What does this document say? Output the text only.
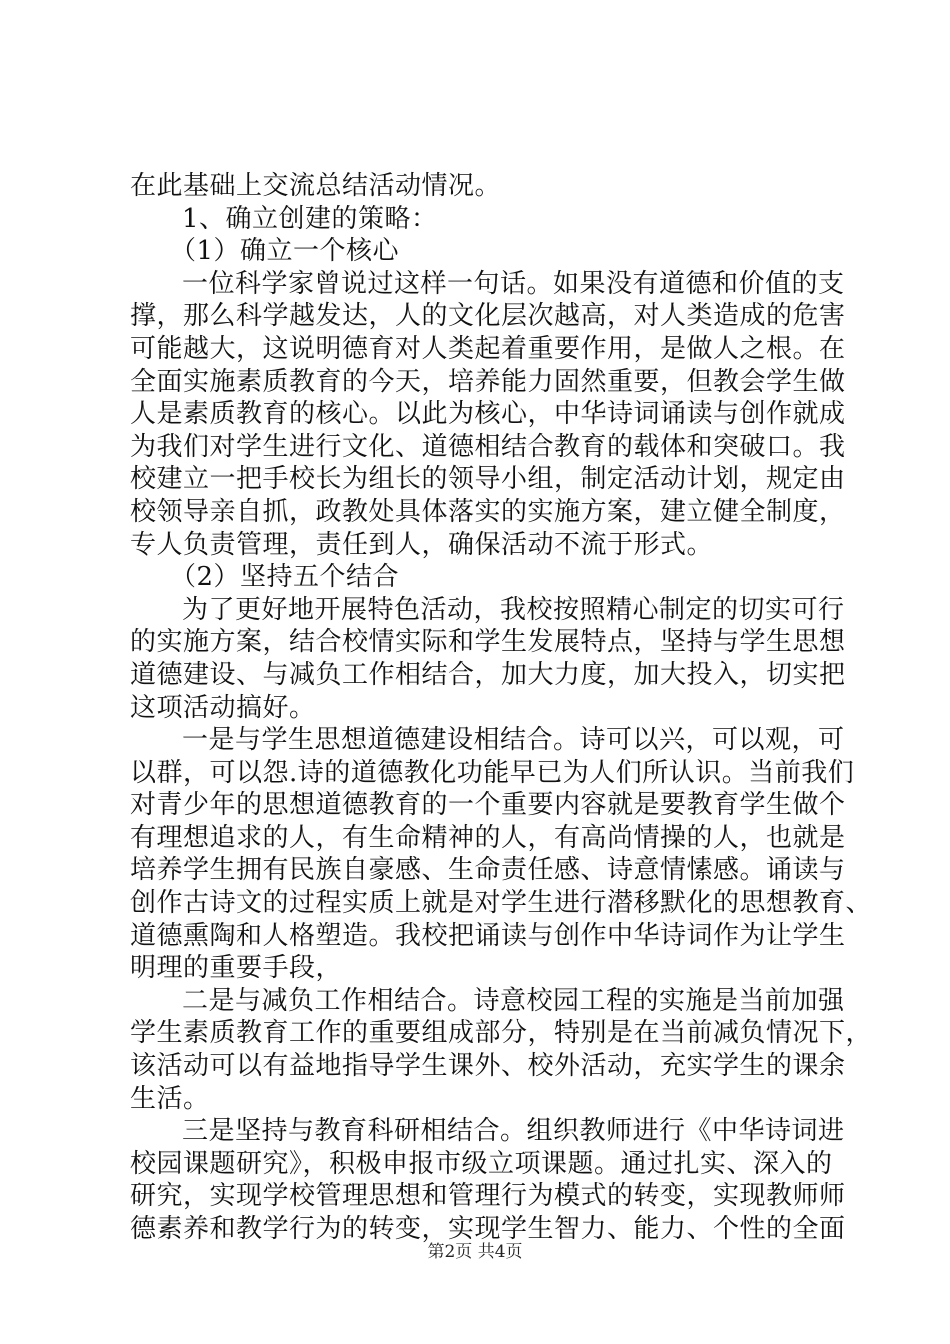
在此基础上交流总结活动情况。
1、确立创建的策略：
（1）确立一个核心
一位科学家曾说过这样一句话。如果没有道德和价值的支
撑，那么科学越发达，人的文化层次越高，对人类造成的危害
可能越大，这说明德育对人类起着重要作用，是做人之根。在
全面实施素质教育的今天，培养能力固然重要，但教会学生做
人是素质教育的核心。以此为核心，中华诗词诵读与创作就成
为我们对学生进行文化、道德相结合教育的载体和突破口。我
校建立一把手校长为组长的领导小组，制定活动计划，规定由
校领导亲自抓，政教处具体落实的实施方案，建立健全制度，
专人负责管理，责任到人，确保活动不流于形式。
（2）坚持五个结合
为了更好地开展特色活动，我校按照精心制定的切实可行
的实施方案，结合校情实际和学生发展特点，坚持与学生思想
道德建设、与减负工作相结合，加大力度，加大投入，切实把
这项活动搞好。
一是与学生思想道德建设相结合。诗可以兴，可以观，可
以群，可以怨.诗的道德教化功能早已为人们所认识。当前我们
对青少年的思想道德教育的一个重要内容就是要教育学生做个
有理想追求的人，有生命精神的人，有高尚情操的人，也就是
培养学生拥有民族自豪感、生命责任感、诗意情愫感。诵读与
创作古诗文的过程实质上就是对学生进行潜移默化的思想教育、
道德熏陶和人格塑造。我校把诵读与创作中华诗词作为让学生
明理的重要手段，
二是与减负工作相结合。诗意校园工程的实施是当前加强
学生素质教育工作的重要组成部分，特别是在当前减负情况下，
该活动可以有益地指导学生课外、校外活动，充实学生的课余
生活。
三是坚持与教育科研相结合。组织教师进行《中华诗词进
校园课题研究》，积极申报市级立项课题。通过扎实、深入的
研究，实现学校管理思想和管理行为模式的转变，实现教师师
德素养和教学行为的转变，实现学生智力、能力、个性的全面
第2页 共4页
